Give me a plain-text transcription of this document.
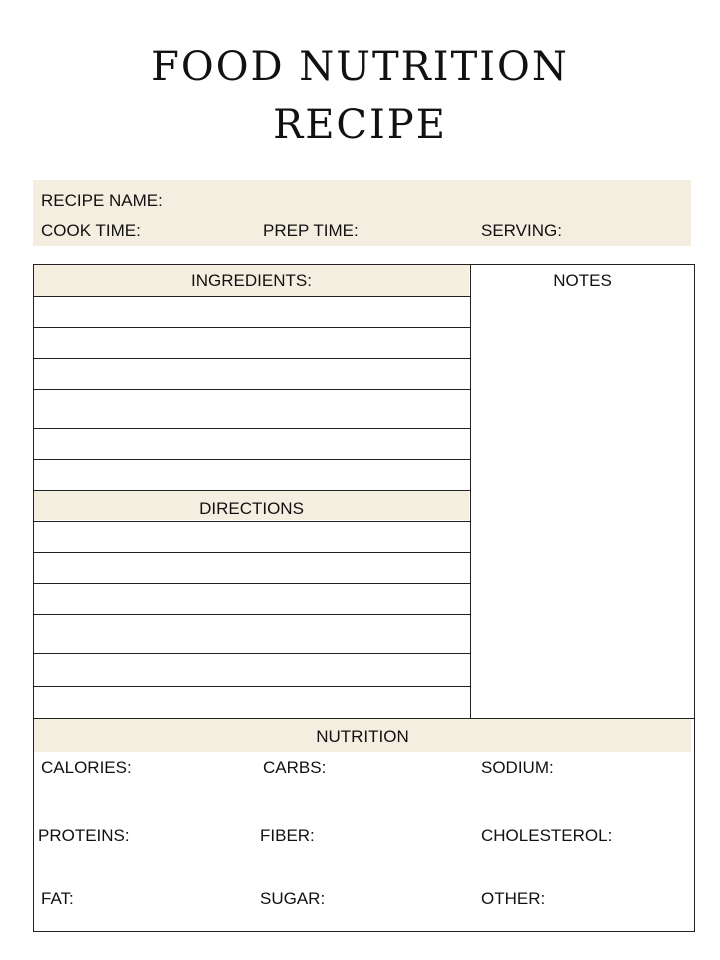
FOOD NUTRITION
RECIPE
RECIPE NAME:
COOK TIME:	PREP TIME:	SERVING:
INGREDIENTS:	NOTES
DIRECTIONS
NUTRITION
CALORIES:	CARBS:	SODIUM:
PROTEINS:	FIBER:	CHOLESTEROL:
FAT:	SUGAR:	OTHER:
